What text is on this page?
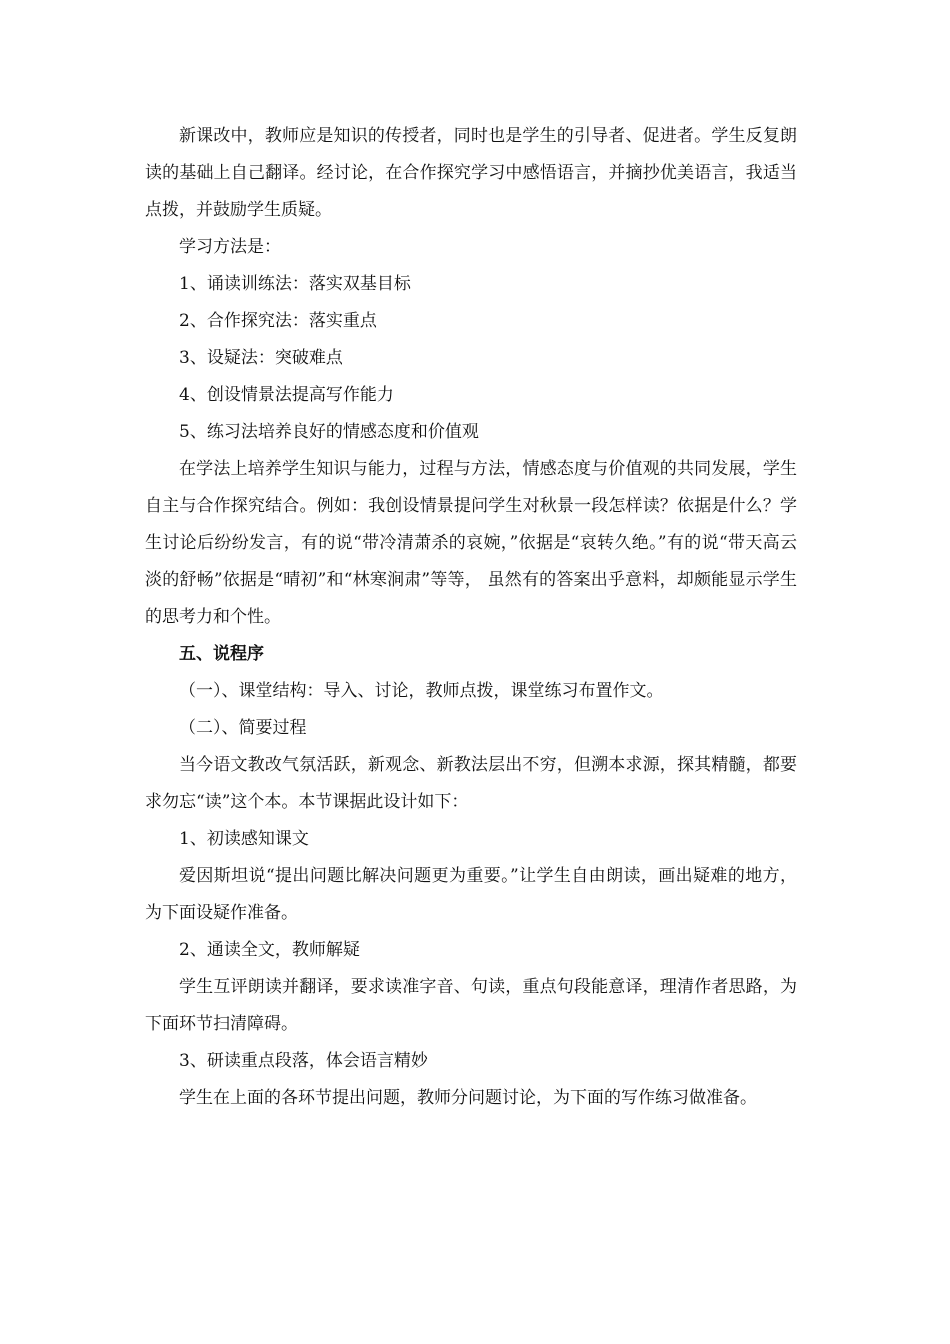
新课改中，教师应是知识的传授者，同时也是学生的引导者、促进者。学生反复朗读的基础上自己翻译。经讨论，在合作探究学习中感悟语言，并摘抄优美语言，我适当点拨，并鼓励学生质疑。

学习方法是：

1、诵读训练法：落实双基目标

2、合作探究法：落实重点

3、设疑法：突破难点

4、创设情景法提高写作能力

5、练习法培养良好的情感态度和价值观

在学法上培养学生知识与能力，过程与方法，情感态度与价值观的共同发展，学生自主与合作探究结合。例如：我创设情景提问学生对秋景一段怎样读？依据是什么？学生讨论后纷纷发言，有的说“带冷清萧杀的哀婉，”依据是“哀转久绝。”有的说“带天高云淡的舒畅”依据是“晴初”和“林寒涧肃”等等， 虽然有的答案出乎意料，却颇能显示学生的思考力和个性。

五、说程序

（一）、课堂结构：导入、讨论，教师点拨，课堂练习布置作文。

（二）、简要过程

当今语文教改气氛活跃，新观念、新教法层出不穷，但溯本求源，探其精髓，都要求勿忘“读”这个本。本节课据此设计如下：

1、初读感知课文

爱因斯坦说“提出问题比解决问题更为重要。”让学生自由朗读，画出疑难的地方，为下面设疑作准备。

2、通读全文，教师解疑

学生互评朗读并翻译，要求读准字音、句读，重点句段能意译，理清作者思路，为下面环节扫清障碍。

3、研读重点段落，体会语言精妙

学生在上面的各环节提出问题，教师分问题讨论，为下面的写作练习做准备。
